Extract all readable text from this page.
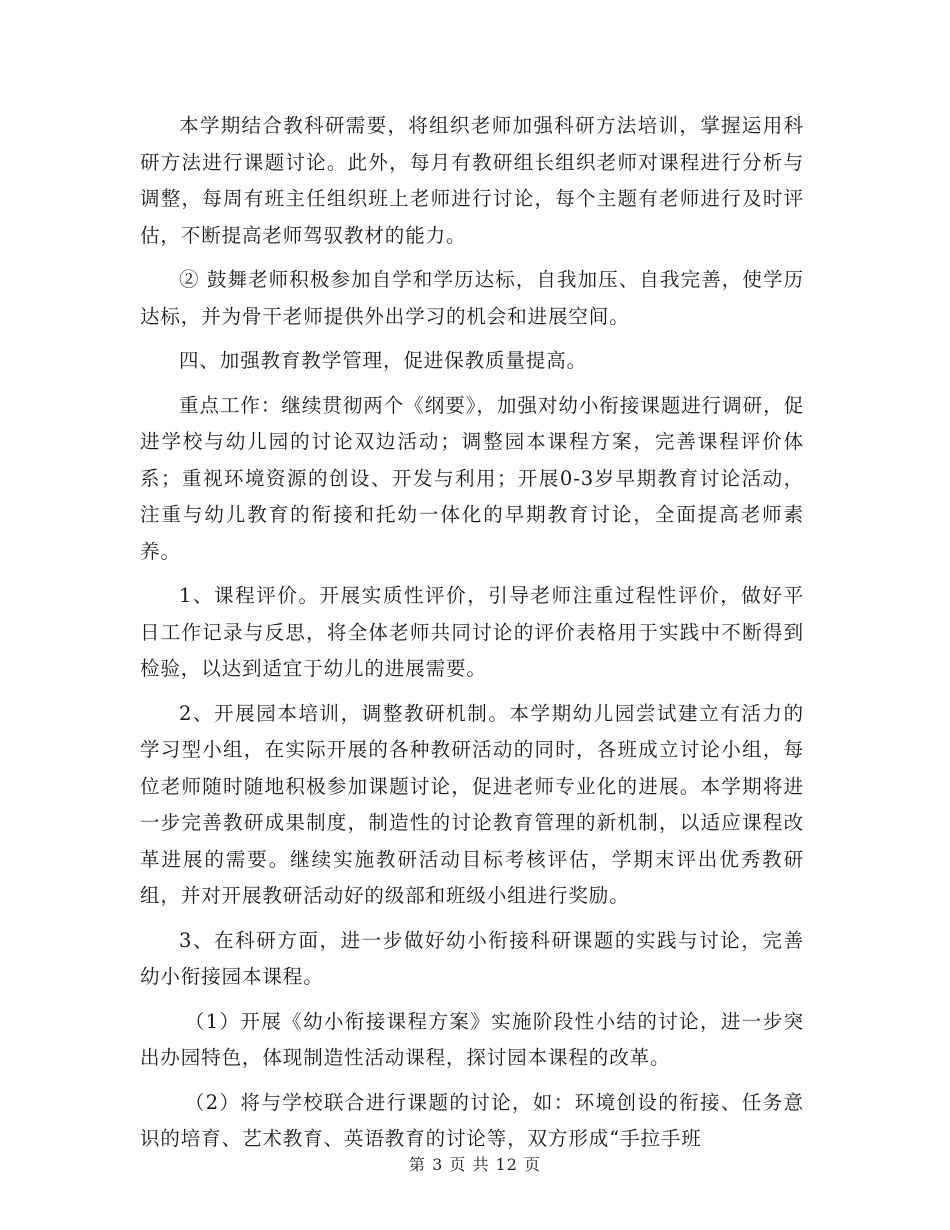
本学期结合教科研需要，将组织老师加强科研方法培训，掌握运用科研方法进行课题讨论。此外，每月有教研组长组织老师对课程进行分析与调整，每周有班主任组织班上老师进行讨论，每个主题有老师进行及时评估，不断提高老师驾驭教材的能力。

② 鼓舞老师积极参加自学和学历达标，自我加压、自我完善，使学历达标，并为骨干老师提供外出学习的机会和进展空间。

四、加强教育教学管理，促进保教质量提高。

重点工作：继续贯彻两个《纲要》，加强对幼小衔接课题进行调研，促进学校与幼儿园的讨论双边活动；调整园本课程方案，完善课程评价体系；重视环境资源的创设、开发与利用；开展0-3岁早期教育讨论活动，注重与幼儿教育的衔接和托幼一体化的早期教育讨论，全面提高老师素养。

1、课程评价。开展实质性评价，引导老师注重过程性评价，做好平日工作记录与反思，将全体老师共同讨论的评价表格用于实践中不断得到检验，以达到适宜于幼儿的进展需要。

2、开展园本培训，调整教研机制。本学期幼儿园尝试建立有活力的学习型小组，在实际开展的各种教研活动的同时，各班成立讨论小组，每位老师随时随地积极参加课题讨论，促进老师专业化的进展。本学期将进一步完善教研成果制度，制造性的讨论教育管理的新机制，以适应课程改革进展的需要。继续实施教研活动目标考核评估，学期末评出优秀教研组，并对开展教研活动好的级部和班级小组进行奖励。

3、在科研方面，进一步做好幼小衔接科研课题的实践与讨论，完善幼小衔接园本课程。

（1）开展《幼小衔接课程方案》实施阶段性小结的讨论，进一步突出办园特色，体现制造性活动课程，探讨园本课程的改革。

（2）将与学校联合进行课题的讨论，如：环境创设的衔接、任务意识的培育、艺术教育、英语教育的讨论等，双方形成“手拉手班

第 3 页 共 12 页
